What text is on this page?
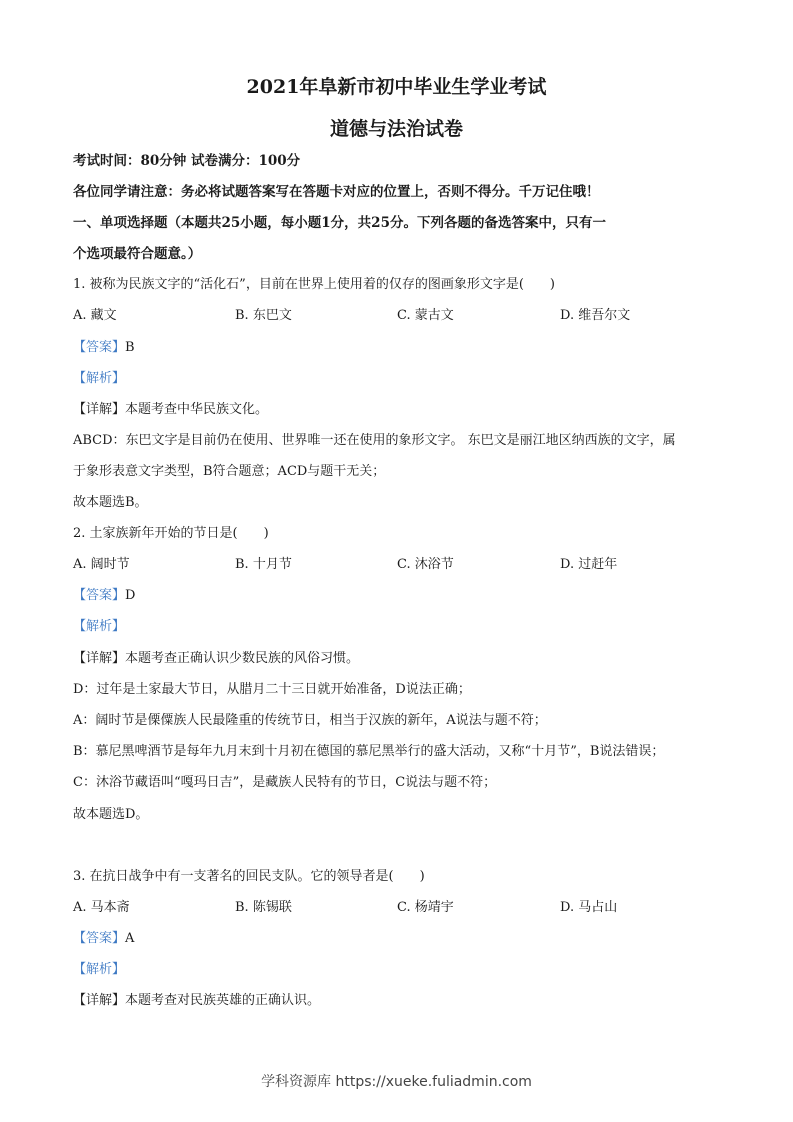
2021年阜新市初中毕业生学业考试
道德与法治试卷
考试时间：80分钟 试卷满分：100分
各位同学请注意：务必将试题答案写在答题卡对应的位置上，否则不得分。千万记住哦！
一、单项选择题（本题共25小题，每小题1分，共25分。下列各题的备选答案中，只有一
个选项最符合题意。）
1. 被称为民族文字的“活化石”，目前在世界上使用着的仅存的图画象形文字是(　　)
A. 藏文	B. 东巴文	C. 蒙古文	D. 维吾尔文
【答案】B
【解析】
【详解】本题考查中华民族文化。
ABCD：东巴文字是目前仍在使用、世界唯一还在使用的象形文字。 东巴文是丽江地区纳西族的文字，属
于象形表意文字类型，B符合题意；ACD与题干无关；
故本题选B。
2. 土家族新年开始的节日是(　　)
A. 阔时节	B. 十月节	C. 沐浴节	D. 过赶年
【答案】D
【解析】
【详解】本题考查正确认识少数民族的风俗习惯。
D：过年是土家最大节日，从腊月二十三日就开始准备，D说法正确；
A：阔时节是傈僳族人民最隆重的传统节日，相当于汉族的新年，A说法与题不符；
B：慕尼黑啤酒节是每年九月末到十月初在德国的慕尼黑举行的盛大活动，又称“十月节”，B说法错误；
C：沐浴节藏语叫“嘎玛日吉”，是藏族人民特有的节日，C说法与题不符；
故本题选D。
3. 在抗日战争中有一支著名的回民支队。它的领导者是(　　)
A. 马本斋	B. 陈锡联	C. 杨靖宇	D. 马占山
【答案】A
【解析】
【详解】本题考查对民族英雄的正确认识。
学科资源库 https://xueke.fuliadmin.com
